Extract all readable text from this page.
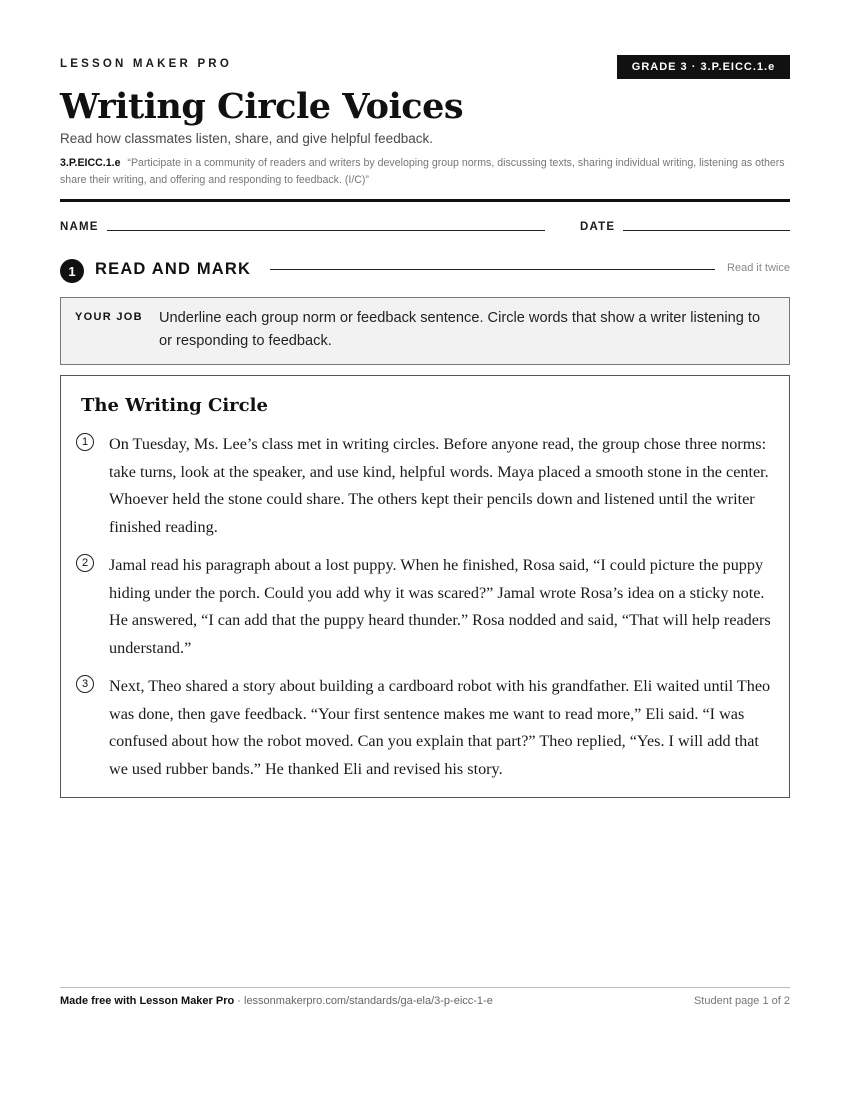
LESSON MAKER PRO	GRADE 3 · 3.P.EICC.1.e
Writing Circle Voices
Read how classmates listen, share, and give helpful feedback.
3.P.EICC.1.e “Participate in a community of readers and writers by developing group norms, discussing texts, sharing individual writing, listening as others share their writing, and offering and responding to feedback. (I/C)”
NAME	DATE
1	READ AND MARK	Read it twice
YOUR JOB Underline each group norm or feedback sentence. Circle words that show a writer listening to or responding to feedback.
The Writing Circle
1	On Tuesday, Ms. Lee’s class met in writing circles. Before anyone read, the group chose three norms: take turns, look at the speaker, and use kind, helpful words. Maya placed a smooth stone in the center. Whoever held the stone could share. The others kept their pencils down and listened until the writer finished reading.
2	Jamal read his paragraph about a lost puppy. When he finished, Rosa said, “I could picture the puppy hiding under the porch. Could you add why it was scared?” Jamal wrote Rosa’s idea on a sticky note. He answered, “I can add that the puppy heard thunder.” Rosa nodded and said, “That will help readers understand.”
3	Next, Theo shared a story about building a cardboard robot with his grandfather. Eli waited until Theo was done, then gave feedback. “Your first sentence makes me want to read more,” Eli said. “I was confused about how the robot moved. Can you explain that part?” Theo replied, “Yes. I will add that we used rubber bands.” He thanked Eli and revised his story.
Made free with Lesson Maker Pro · lessonmakerpro.com/standards/ga-ela/3-p-eicc-1-e	Student page 1 of 2
